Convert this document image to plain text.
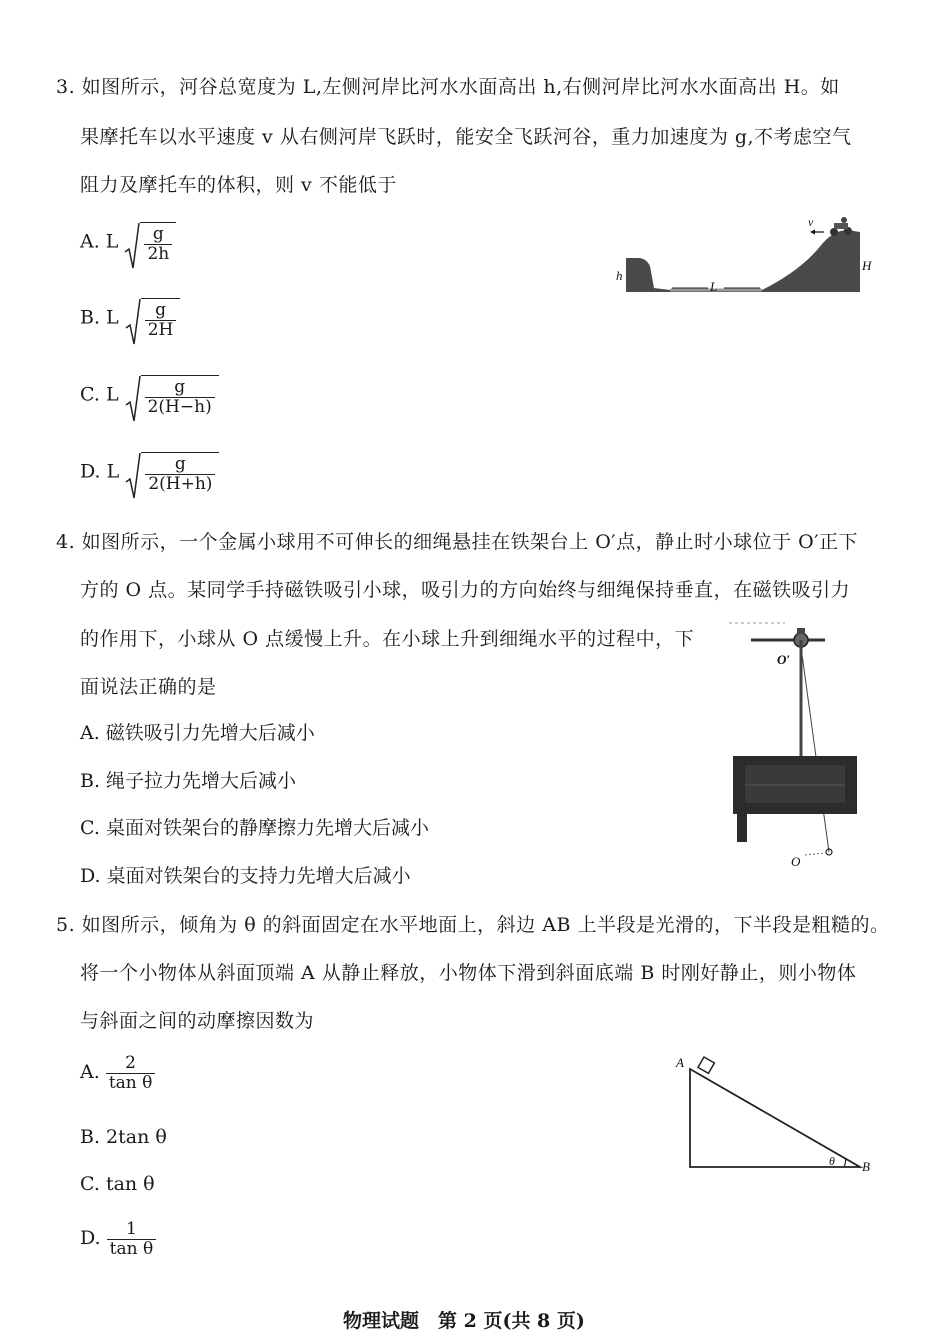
3. 如图所示，河谷总宽度为 L,左侧河岸比河水水面高出 h,右侧河岸比河水水面高出 H。如
果摩托车以水平速度 v 从右侧河岸飞跃时，能安全飞跃河谷，重力加速度为 g,不考虑空气
阻力及摩托车的体积，则 v 不能低于
A. L $\frac{g}{2h}$
B. L $\frac{g}{2H}$
C. L $\frac{g}{2(H-h)}$
D. L $\frac{g}{2(H+h)}$
L
h
H
v
4. 如图所示，一个金属小球用不可伸长的细绳悬挂在铁架台上 O′点，静止时小球位于 O′正下
方的 O 点。某同学手持磁铁吸引小球，吸引力的方向始终与细绳保持垂直，在磁铁吸引力
的作用下，小球从 O 点缓慢上升。在小球上升到细绳水平的过程中，下
面说法正确的是
A. 磁铁吸引力先增大后减小
B. 绳子拉力先增大后减小
C. 桌面对铁架台的静摩擦力先增大后减小
D. 桌面对铁架台的支持力先增大后减小
O′
O
5. 如图所示，倾角为 θ 的斜面固定在水平地面上，斜边 AB 上半段是光滑的，下半段是粗糙的。
将一个小物体从斜面顶端 A 从静止释放，小物体下滑到斜面底端 B 时刚好静止，则小物体
与斜面之间的动摩擦因数为
A. $\frac{2}{\text{tan θ}}$
B. 2tan θ
C. tan θ
D. $\frac{1}{\text{tan θ}}$
A
B
θ
物理试题　第 2 页(共 8 页)
